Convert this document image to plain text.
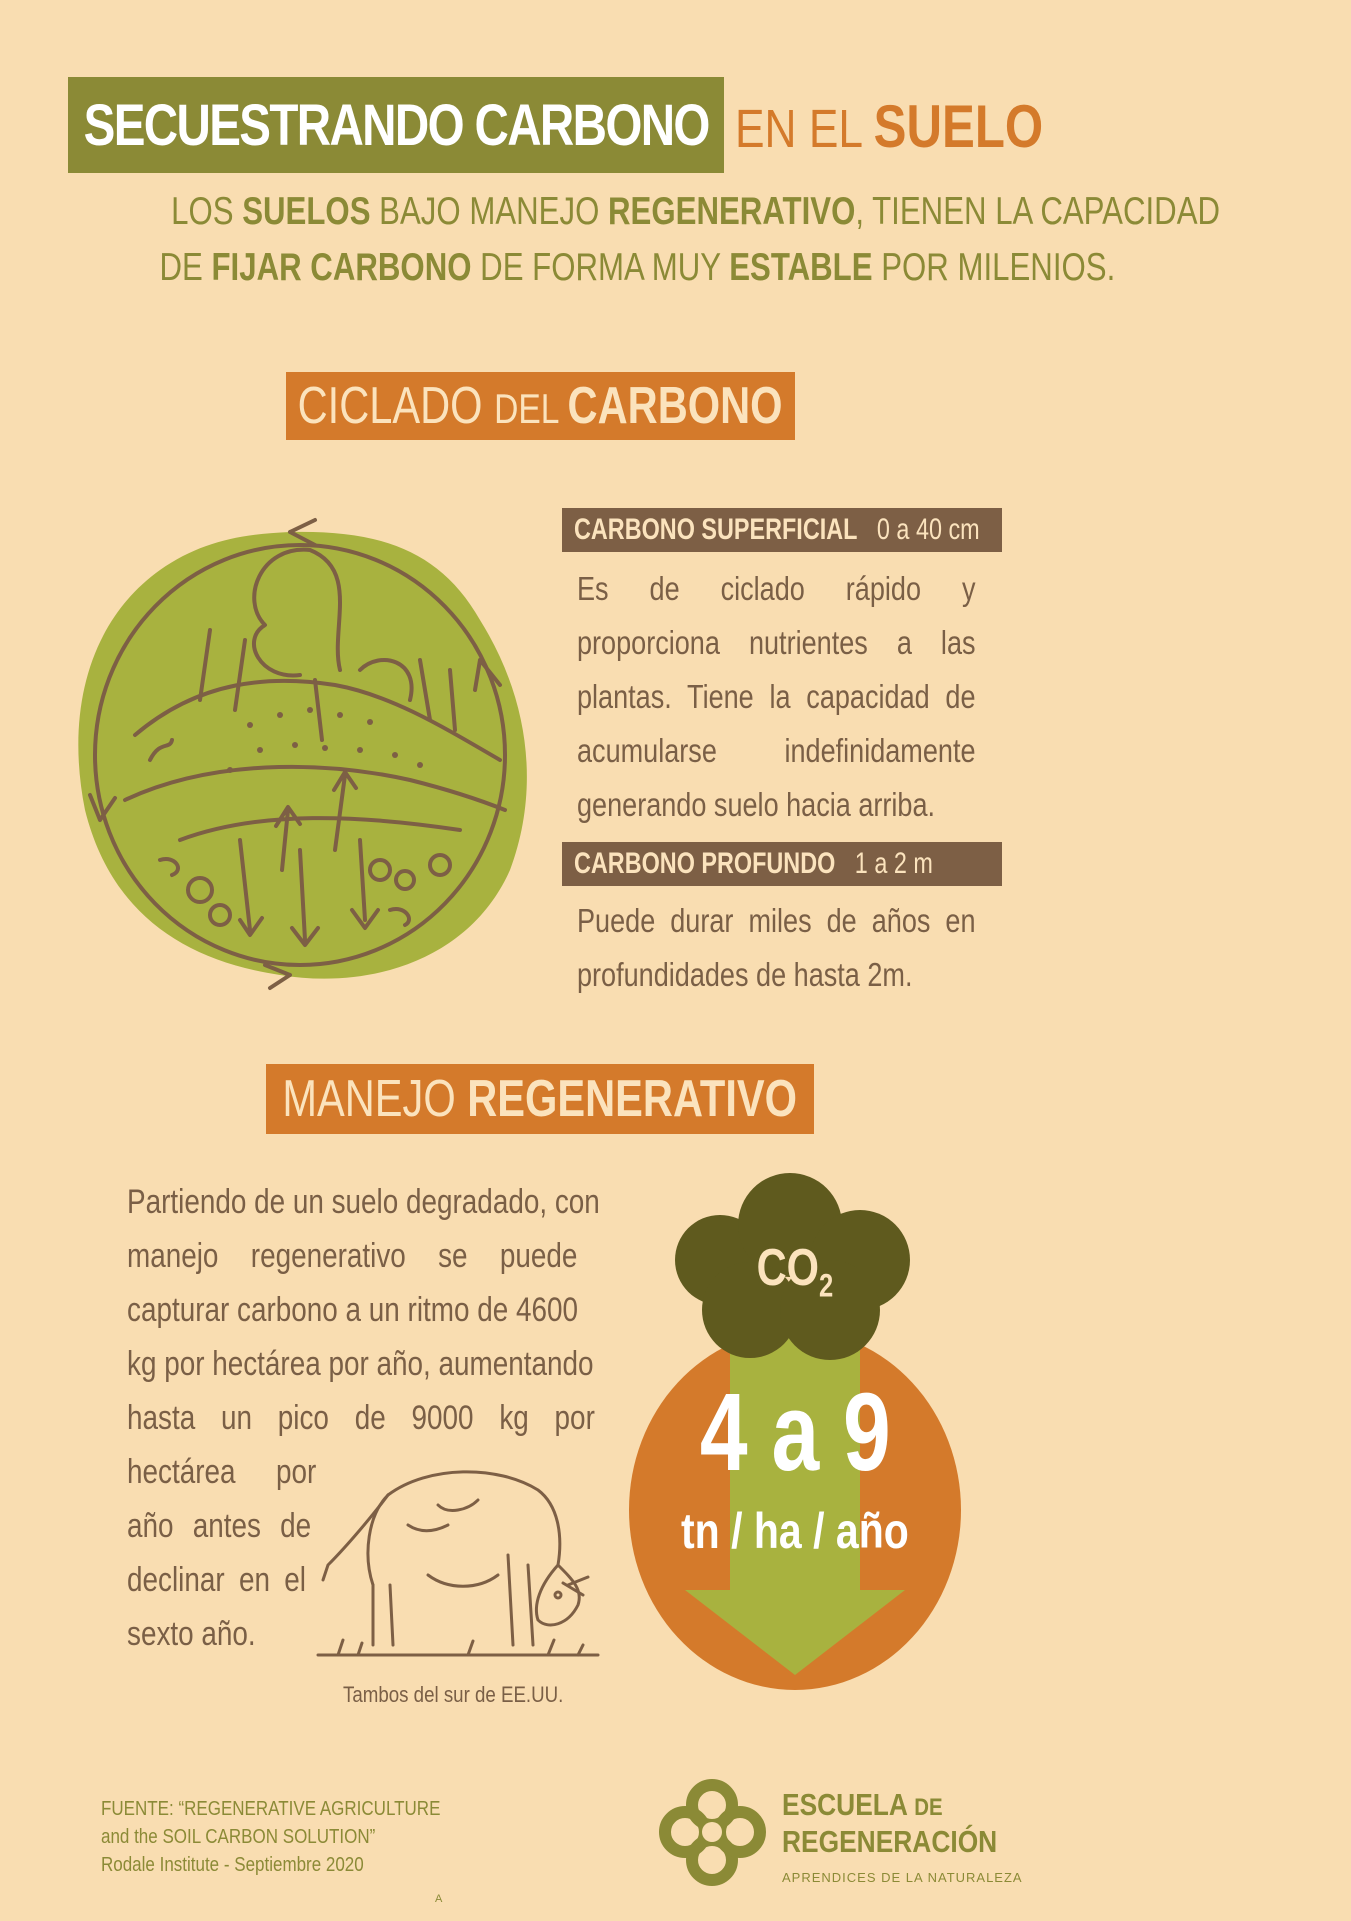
SECUESTRANDO CARBONO EN EL SUELO
LOS SUELOS BAJO MANEJO REGENERATIVO, TIENEN LA CAPACIDAD
DE FIJAR CARBONO DE FORMA MUY ESTABLE POR MILENIOS.
CICLADO DEL CARBONO
CARBONO SUPERFICIAL 0 a 40 cm
Es de ciclado rápido y proporciona nutrientes a las plantas. Tiene la capacidad de acumularse indefinidamente generando suelo hacia arriba.
CARBONO PROFUNDO 1 a 2 m
Puede durar miles de años en profundidades de hasta 2m.
MANEJO REGENERATIVO
Partiendo de un suelo degradado, con
manejo regenerativo se puede
capturar carbono a un ritmo de 4600
kg por hectárea por año, aumentando
hasta un pico de 9000 kg por
hectárea por
año antes de
declinar en el
sexto año.
Tambos del sur de EE.UU.
$CO_2$
4 a 9
tn / ha / año
FUENTE: “REGENERATIVE AGRICULTURE
and the SOIL CARBON SOLUTION”
Rodale Institute - Septiembre 2020
ESCUELA DE
REGENERACIÓN
APRENDICES DE LA NATURALEZA
A
